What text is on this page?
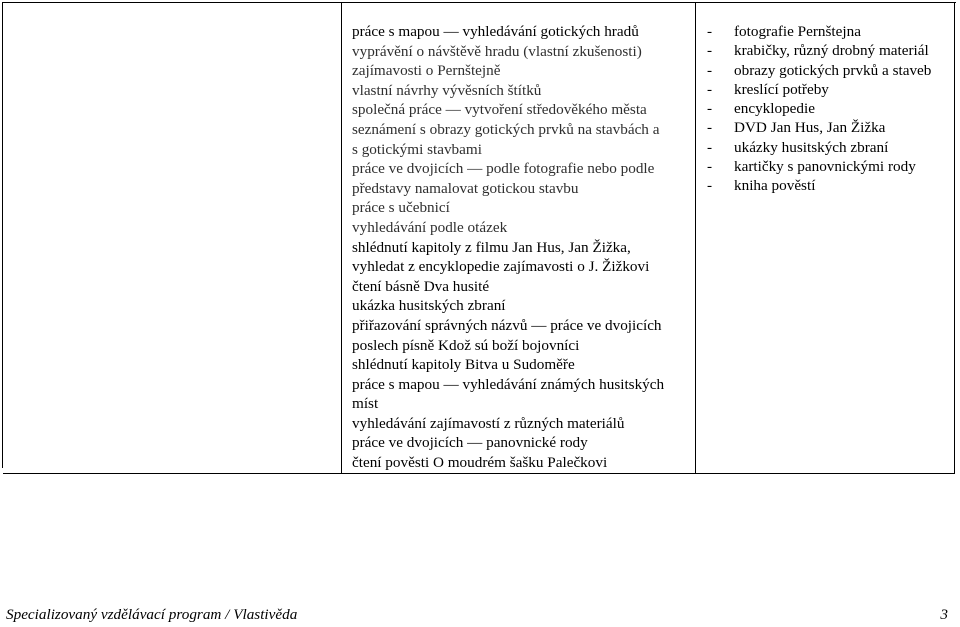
práce s mapou — vyhledávání gotických hradů
vyprávění o návštěvě hradu (vlastní zkušenosti)
zajímavosti o Pernštejně
vlastní návrhy vývěsních štítků
společná práce — vytvoření středověkého města
seznámení s obrazy gotických prvků na stavbách a
s gotickými stavbami
práce ve dvojicích — podle fotografie nebo podle
představy namalovat gotickou stavbu
práce s učebnicí
vyhledávání podle otázek
shlédnutí kapitoly z filmu Jan Hus, Jan Žižka,
vyhledat z encyklopedie zajímavosti o J. Žižkovi
čtení básně Dva husité
ukázka husitských zbraní
přiřazování správných názvů — práce ve dvojicích
poslech písně Kdož sú boží bojovníci
shlédnutí kapitoly Bitva u Sudoměře
práce s mapou — vyhledávání známých husitských
míst
vyhledávání zajímavostí z různých materiálů
práce ve dvojicích — panovnické rody
čtení pověsti O moudrém šašku Palečkovi
-	fotografie Pernštejna
-	krabičky, různý drobný materiál
-	obrazy gotických prvků a staveb
-	kreslící potřeby
-	encyklopedie
-	DVD Jan Hus, Jan Žižka
-	ukázky husitských zbraní
-	kartičky s panovnickými rody
-	kniha pověstí
Specializovaný vzdělávací program / Vlastivěda	3
